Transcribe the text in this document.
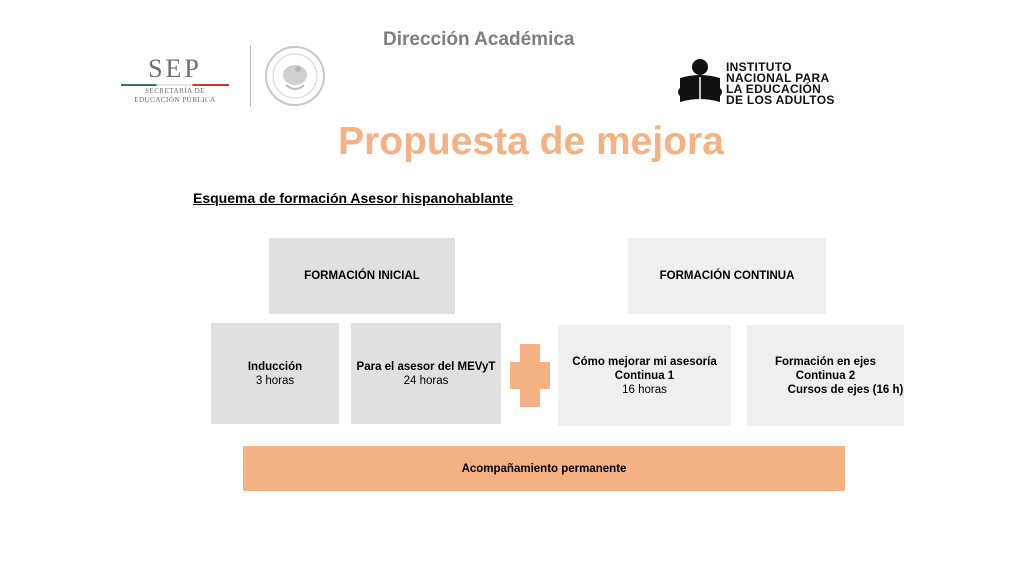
Dirección Académica
SEP
SECRETARÍA DE
EDUCACIÓN PÚBLICA
INSTITUTO
NACIONAL PARA
LA EDUCACIÓN
DE LOS ADULTOS
Propuesta de mejora
Esquema de formación Asesor hispanohablante
FORMACIÓN INICIAL
Inducción
3 horas
Para el asesor del MEVyT
24 horas
FORMACIÓN CONTINUA
Cómo mejorar mi asesoría
Continua 1
16 horas
Formación en ejes
Continua 2
Cursos de ejes (16 h)
Acompañamiento permanente
